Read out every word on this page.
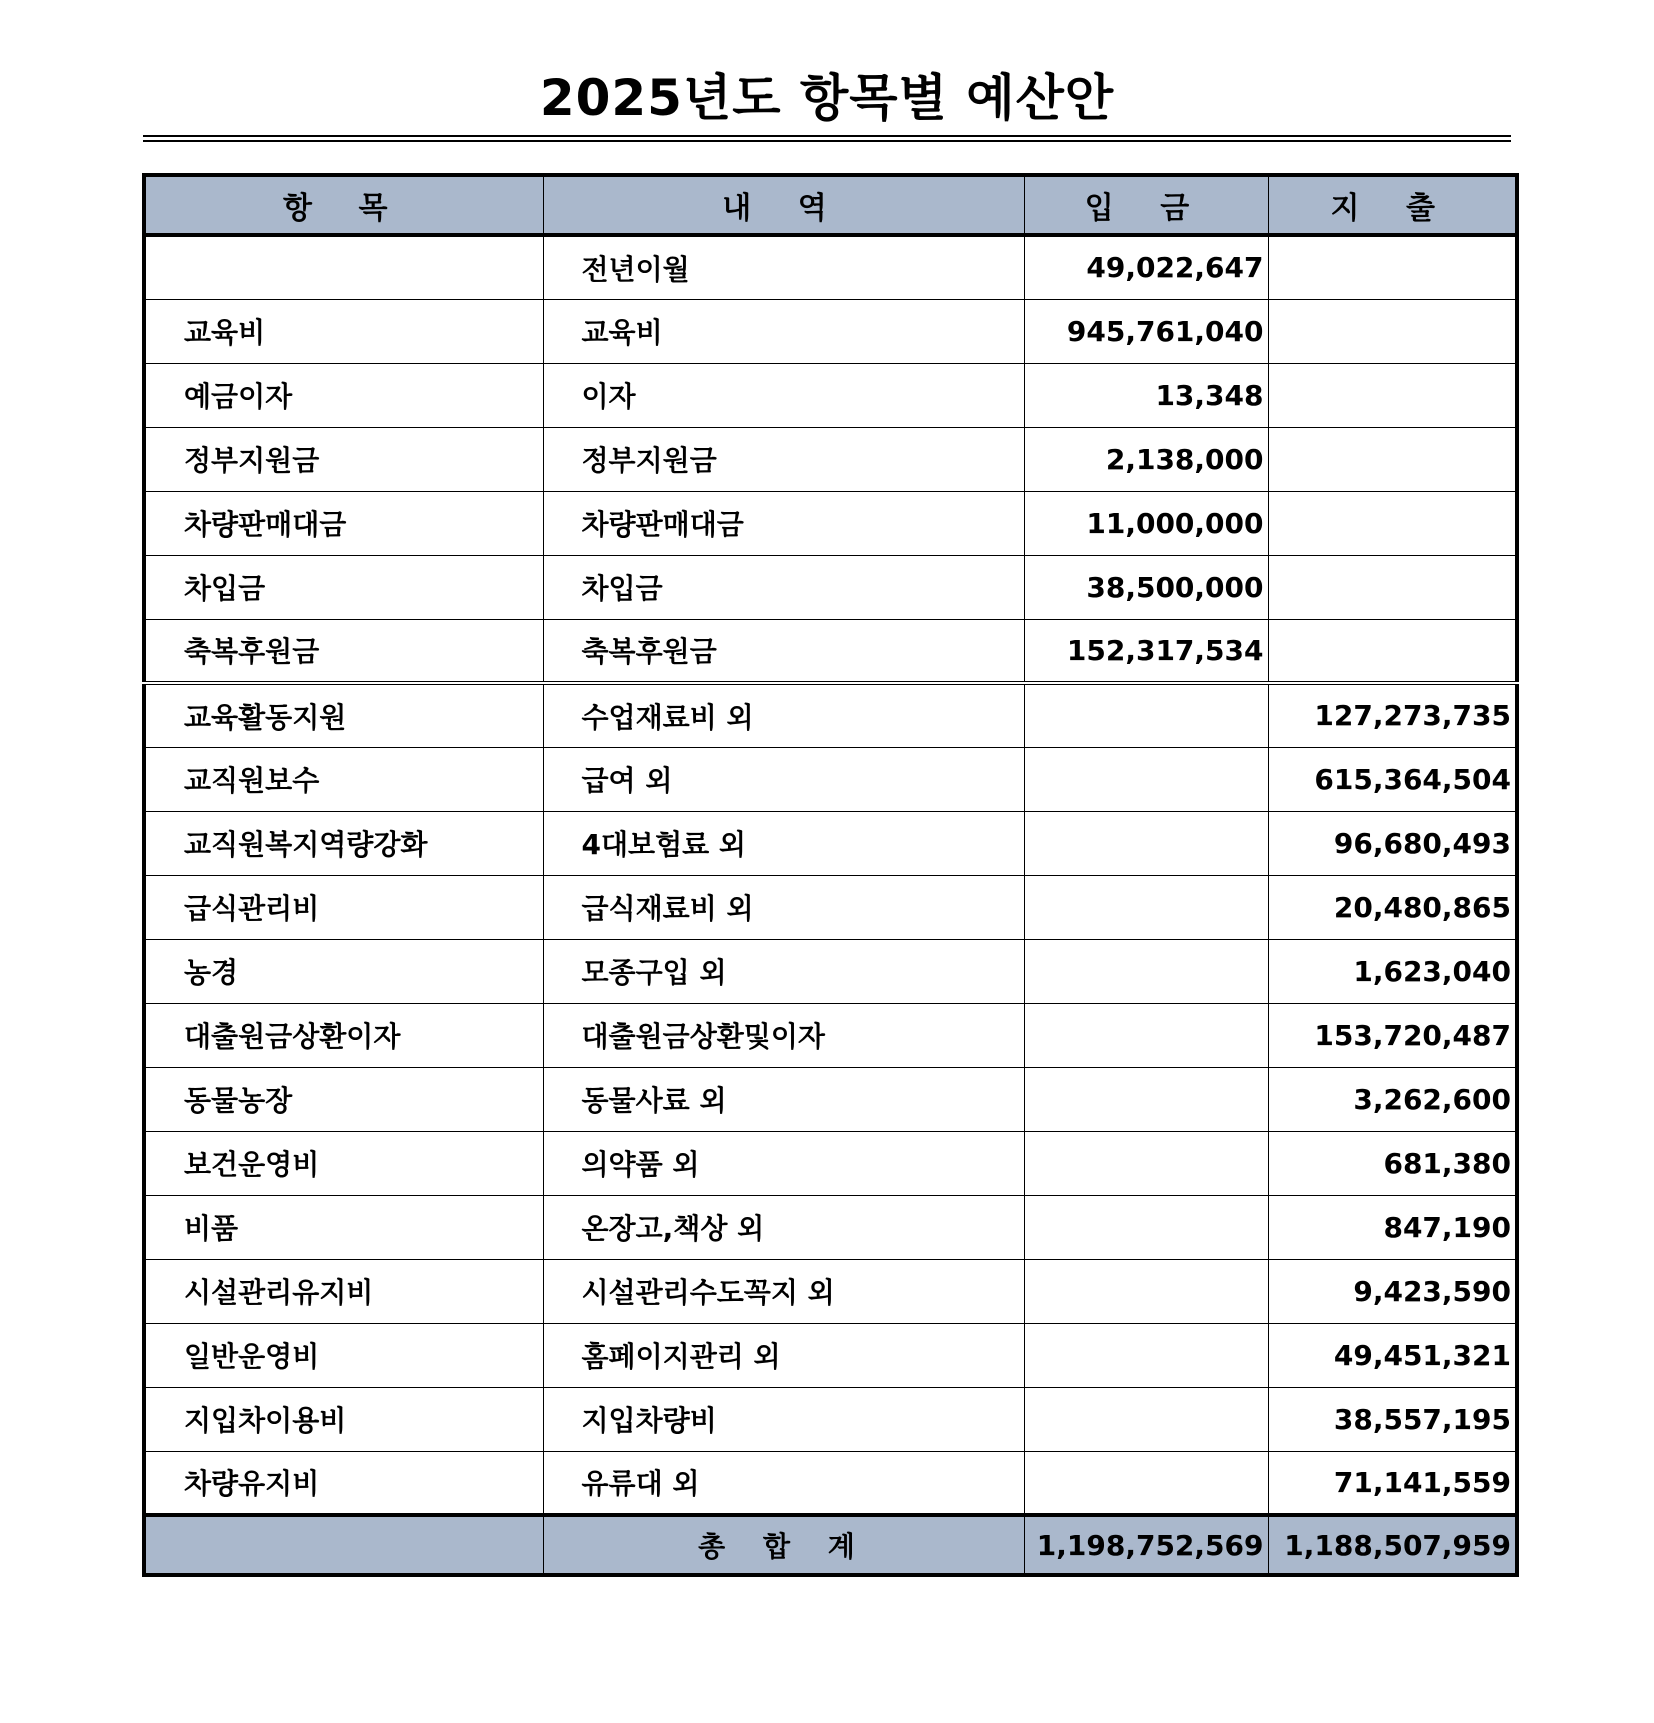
2025년도 항목별 예산안
항 목	내 역	입 금	지 출
	전년이월	49,022,647	
교육비	교육비	945,761,040	
예금이자	이자	13,348	
정부지원금	정부지원금	2,138,000	
차량판매대금	차량판매대금	11,000,000	
차입금	차입금	38,500,000	
축복후원금	축복후원금	152,317,534	
교육활동지원	수업재료비 외		127,273,735
교직원보수	급여 외		615,364,504
교직원복지역량강화	4대보험료 외		96,680,493
급식관리비	급식재료비 외		20,480,865
농경	모종구입 외		1,623,040
대출원금상환이자	대출원금상환및이자		153,720,487
동물농장	동물사료 외		3,262,600
보건운영비	의약품 외		681,380
비품	온장고,책상 외		847,190
시설관리유지비	시설관리수도꼭지 외		9,423,590
일반운영비	홈페이지관리 외		49,451,321
지입차이용비	지입차량비		38,557,195
차량유지비	유류대 외		71,141,559
	총 합 계	1,198,752,569	1,188,507,959
